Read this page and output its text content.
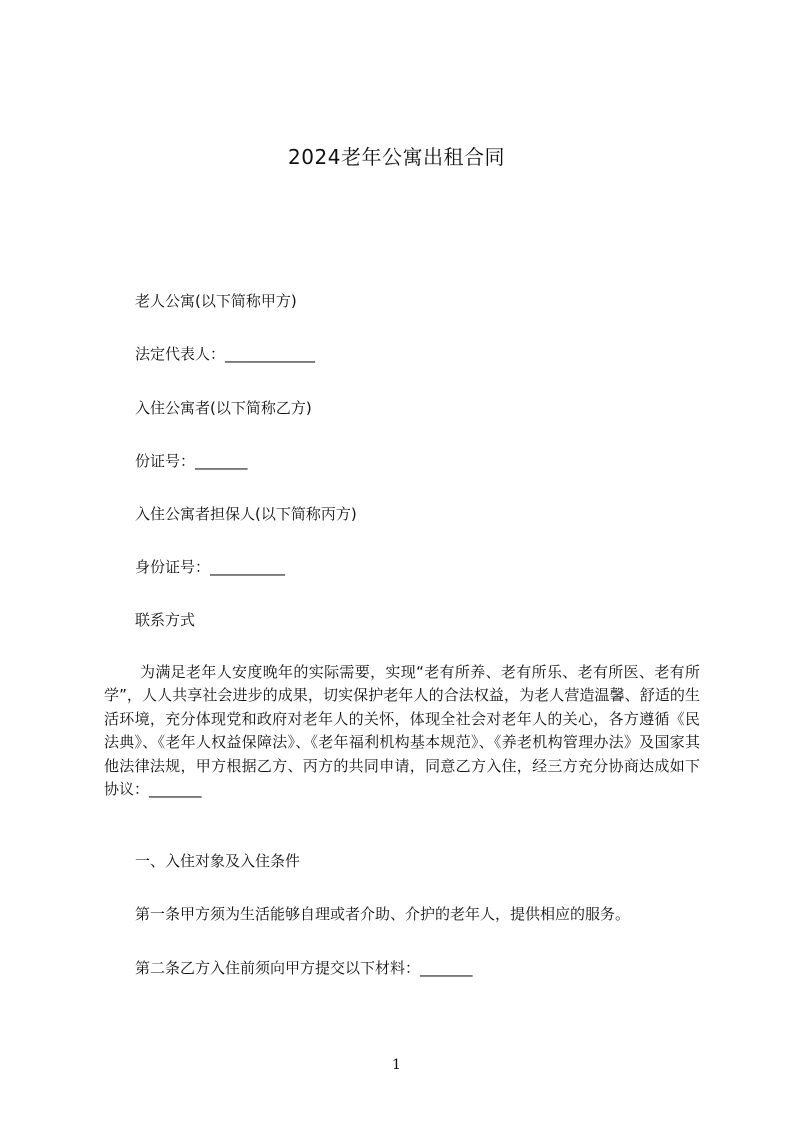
2024老年公寓出租合同
老人公寓(以下简称甲方)
法定代表人：____________
入住公寓者(以下简称乙方)
份证号：_______
入住公寓者担保人(以下简称丙方)
身份证号：__________
联系方式
为满足老年人安度晚年的实际需要，实现“老有所养、老有所乐、老有所医、老有所学”，人人共享社会进步的成果，切实保护老年人的合法权益，为老人营造温馨、舒适的生活环境，充分体现党和政府对老年人的关怀，体现全社会对老年人的关心，各方遵循《民法典》、《老年人权益保障法》、《老年福利机构基本规范》、《养老机构管理办法》及国家其他法律法规，甲方根据乙方、丙方的共同申请，同意乙方入住，经三方充分协商达成如下协议：_______
一、入住对象及入住条件
第一条甲方须为生活能够自理或者介助、介护的老年人，提供相应的服务。
第二条乙方入住前须向甲方提交以下材料：_______
1
